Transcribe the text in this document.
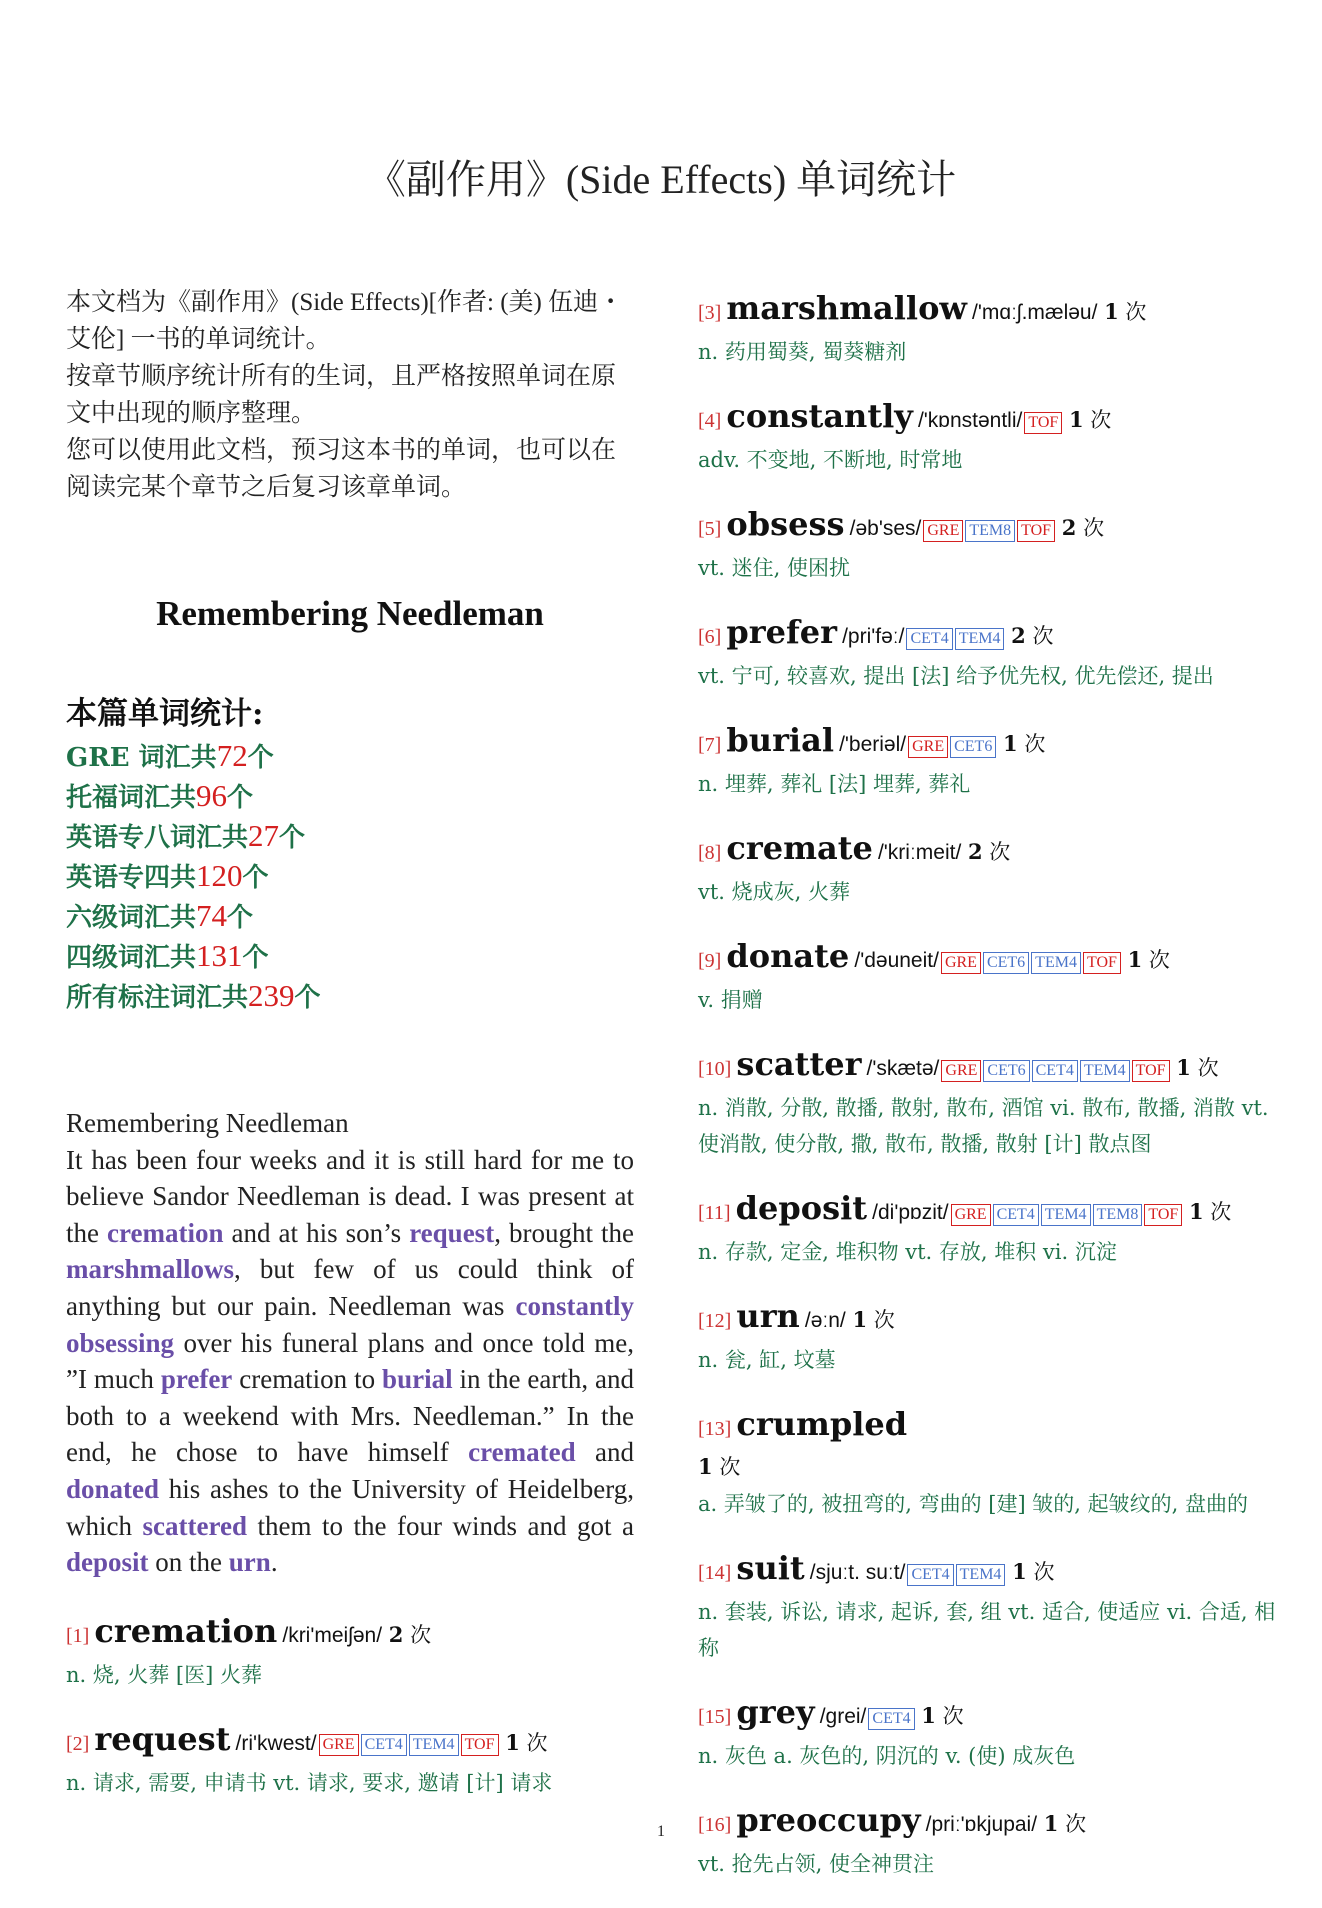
《副作用》(Side Effects) 单词统计

本文档为《副作用》(Side Effects)[作者: (美) 伍迪・艾伦] 一书的单词统计。

按章节顺序统计所有的生词，且严格按照单词在原文中出现的顺序整理。

您可以使用此文档，预习这本书的单词，也可以在阅读完某个章节之后复习该章单词。

Remembering Needleman
本篇单词统计:
GRE 词汇共72个
托福词汇共96个
英语专八词汇共27个
英语专四共120个
六级词汇共74个
四级词汇共131个
所有标注词汇共239个
Remembering Needleman
It has been four weeks and it is still hard for me to believe Sandor Needleman is dead. I was present at the cremation and at his son’s request, brought the marshmallows, but few of us could think of anything but our pain. Needleman was constantly obsessing over his funeral plans and once told me, ”I much prefer cremation to burial in the earth, and both to a weekend with Mrs. Needleman.” In the end, he chose to have himself cremated and donated his ashes to the University of Heidelberg, which scattered them to the four winds and got a deposit on the urn.
[1] cremation /kri'meiʃən/ 2 次
n. 烧, 火葬 [医] 火葬
[2] request /ri'kwest/ GRE CET4 TEM4 TOF 1 次
n. 请求, 需要, 申请书 vt. 请求, 要求, 邀请 [计] 请求
[3] marshmallow /'mɑːʃ.mæləu/ 1 次
n. 药用蜀葵, 蜀葵糖剂
[4] constantly /'kɒnstəntli/ TOF 1 次
adv. 不变地, 不断地, 时常地
[5] obsess /əb'ses/ GRE TEM8 TOF 2 次
vt. 迷住, 使困扰
[6] prefer /pri'fəː/ CET4 TEM4 2 次
vt. 宁可, 较喜欢, 提出 [法] 给予优先权, 优先偿还, 提出
[7] burial /'beriəl/ GRE CET6 1 次
n. 埋葬, 葬礼 [法] 埋葬, 葬礼
[8] cremate /'kriːmeit/ 2 次
vt. 烧成灰, 火葬
[9] donate /'dəuneit/ GRE CET6 TEM4 TOF 1 次
v. 捐赠
[10] scatter /'skætə/ GRE CET6 CET4 TEM4 TOF 1 次
n. 消散, 分散, 散播, 散射, 散布, 酒馆 vi. 散布, 散播, 消散 vt. 使消散, 使分散, 撒, 散布, 散播, 散射 [计] 散点图
[11] deposit /di'pɒzit/ GRE CET4 TEM4 TEM8 TOF 1 次
n. 存款, 定金, 堆积物 vt. 存放, 堆积 vi. 沉淀
[12] urn /əːn/ 1 次
n. 瓮, 缸, 坟墓
[13] crumpled
1 次
a. 弄皱了的, 被扭弯的, 弯曲的 [建] 皱的, 起皱纹的, 盘曲的
[14] suit /sjuːt. suːt/ CET4 TEM4 1 次
n. 套装, 诉讼, 请求, 起诉, 套, 组 vt. 适合, 使适应 vi. 合适, 相称
[15] grey /grei/ CET4 1 次
n. 灰色 a. 灰色的, 阴沉的 v. (使) 成灰色
[16] preoccupy /priː'ɒkjupai/ 1 次
vt. 抢先占领, 使全神贯注
1
